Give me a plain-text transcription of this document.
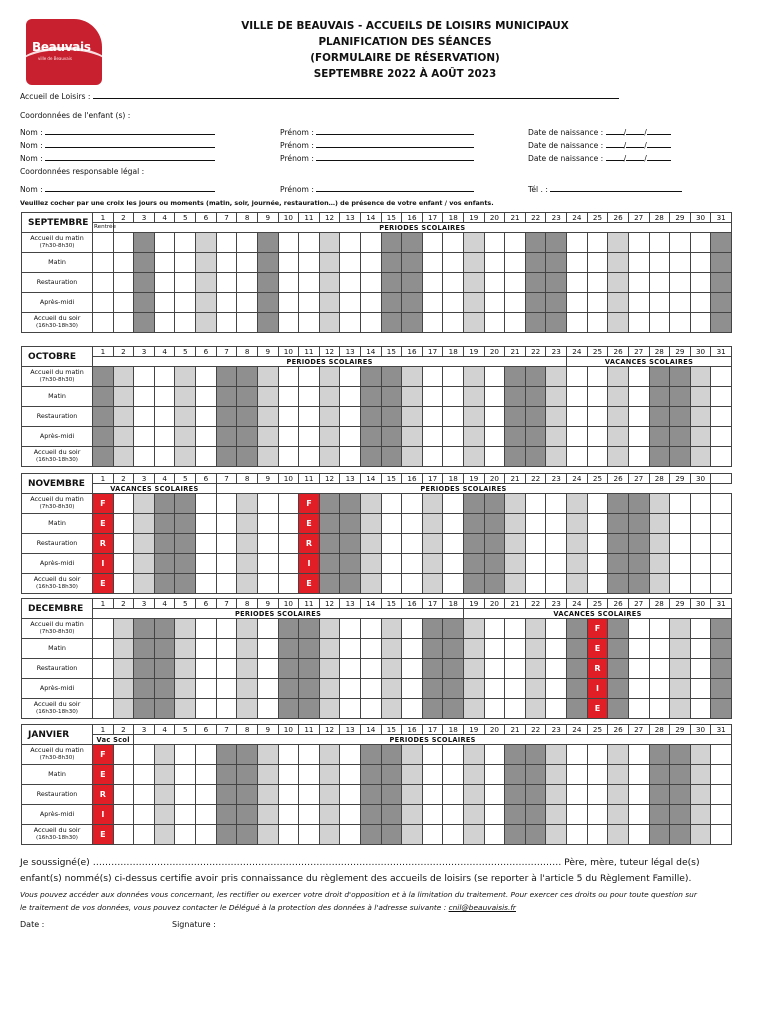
Beauvais
ville de Beauvais
VILLE DE BEAUVAIS - ACCUEILS DE LOISIRS MUNICIPAUX
PLANIFICATION DES SÉANCES
(FORMULAIRE DE RÉSERVATION)
SEPTEMBRE 2022 À AOÛT 2023
Accueil de Loisirs :
Coordonnées de l'enfant (s) :
Nom :	Prénom :	Date de naissance :	/ /
Nom :	Prénom :	Date de naissance :	/ /
Nom :	Prénom :	Date de naissance :	/ /
Coordonnées responsable légal :
Nom :	Prénom :	Tél . :
Veuillez cocher par une croix les jours ou moments (matin, soir, journée, restauration…) de présence de votre enfant / vos enfants.
SEPTEMBRE	1	2	3	4	5	6	7	8	9	10	11	12	13	14	15	16	17	18	19	20	21	22	23	24	25	26	27	28	29	30	31
	Rentrée	PERIODES SCOLAIRES																													
Accueil du matin
(7h30-8h30)																															
Matin																															
Restauration																															
Après-midi																															
Accueil du soir
(16h30-18h30)																															
OCTOBRE	1	2	3	4	5	6	7	8	9	10	11	12	13	14	15	16	17	18	19	20	21	22	23	24	25	26	27	28	29	30	31
	PERIODES SCOLAIRES																							VACANCES SCOLAIRES							
Accueil du matin
(7h30-8h30)																															
Matin																															
Restauration																															
Après-midi																															
Accueil du soir
(16h30-18h30)																															
NOVEMBRE	1	2	3	4	5	6	7	8	9	10	11	12	13	14	15	16	17	18	19	20	21	22	23	24	25	26	27	28	29	30	
	VACANCES SCOLAIRES						PERIODES SCOLAIRES																								
Accueil du matin
(7h30-8h30)	F										F																				
Matin	E										E																				
Restauration	R										R																				
Après-midi	I										I																				
Accueil du soir
(16h30-18h30)	E										E																				
DECEMBRE	1	2	3	4	5	6	7	8	9	10	11	12	13	14	15	16	17	18	19	20	21	22	23	24	25	26	27	28	29	30	31
	PERIODES SCOLAIRES																		VACANCES SCOLAIRES												
Accueil du matin
(7h30-8h30)																									F						
Matin																									E						
Restauration																									R						
Après-midi																									I						
Accueil du soir
(16h30-18h30)																									E						
JANVIER	1	2	3	4	5	6	7	8	9	10	11	12	13	14	15	16	17	18	19	20	21	22	23	24	25	26	27	28	29	30	31
	Vac Scol		PERIODES SCOLAIRES																												
Accueil du matin
(7h30-8h30)	F																														
Matin	E																														
Restauration	R																														
Après-midi	I																														
Accueil du soir
(16h30-18h30)	E																														
Je soussigné(e) ……………………………………………………………………………………………………………………………………… Père, mère, tuteur légal de(s)
enfant(s) nommé(s) ci-dessus certifie avoir pris connaissance du règlement des accueils de loisirs (se reporter à l'article 5 du Règlement Famille).
Vous pouvez accéder aux données vous concernant, les rectifier ou exercer votre droit d'opposition et à la limitation du traitement. Pour exercer ces droits ou pour toute question sur
le traitement de vos données, vous pouvez contacter le Délégué à la protection des données à l'adresse suivante : cnil@beauvaisis.fr
Date :	Signature :
